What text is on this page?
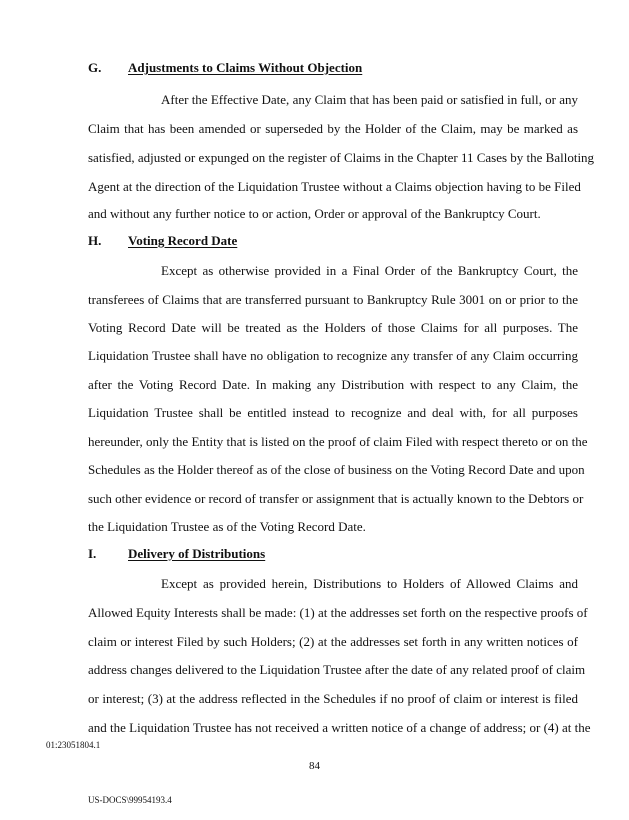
G.	Adjustments to Claims Without Objection
After the Effective Date, any Claim that has been paid or satisfied in full, or any
Claim that has been amended or superseded by the Holder of the Claim, may be marked as
satisfied, adjusted or expunged on the register of Claims in the Chapter 11 Cases by the Balloting
Agent at the direction of the Liquidation Trustee without a Claims objection having to be Filed
and without any further notice to or action, Order or approval of the Bankruptcy Court.
H.	Voting Record Date
Except as otherwise provided in a Final Order of the Bankruptcy Court, the
transferees of Claims that are transferred pursuant to Bankruptcy Rule 3001 on or prior to the
Voting Record Date will be treated as the Holders of those Claims for all purposes. The
Liquidation Trustee shall have no obligation to recognize any transfer of any Claim occurring
after the Voting Record Date. In making any Distribution with respect to any Claim, the
Liquidation Trustee shall be entitled instead to recognize and deal with, for all purposes
hereunder, only the Entity that is listed on the proof of claim Filed with respect thereto or on the
Schedules as the Holder thereof as of the close of business on the Voting Record Date and upon
such other evidence or record of transfer or assignment that is actually known to the Debtors or
the Liquidation Trustee as of the Voting Record Date.
I.	Delivery of Distributions
Except as provided herein, Distributions to Holders of Allowed Claims and
Allowed Equity Interests shall be made: (1) at the addresses set forth on the respective proofs of
claim or interest Filed by such Holders; (2) at the addresses set forth in any written notices of
address changes delivered to the Liquidation Trustee after the date of any related proof of claim
or interest; (3) at the address reflected in the Schedules if no proof of claim or interest is filed
and the Liquidation Trustee has not received a written notice of a change of address; or (4) at the
01:23051804.1
84
US-DOCS\99954193.4
